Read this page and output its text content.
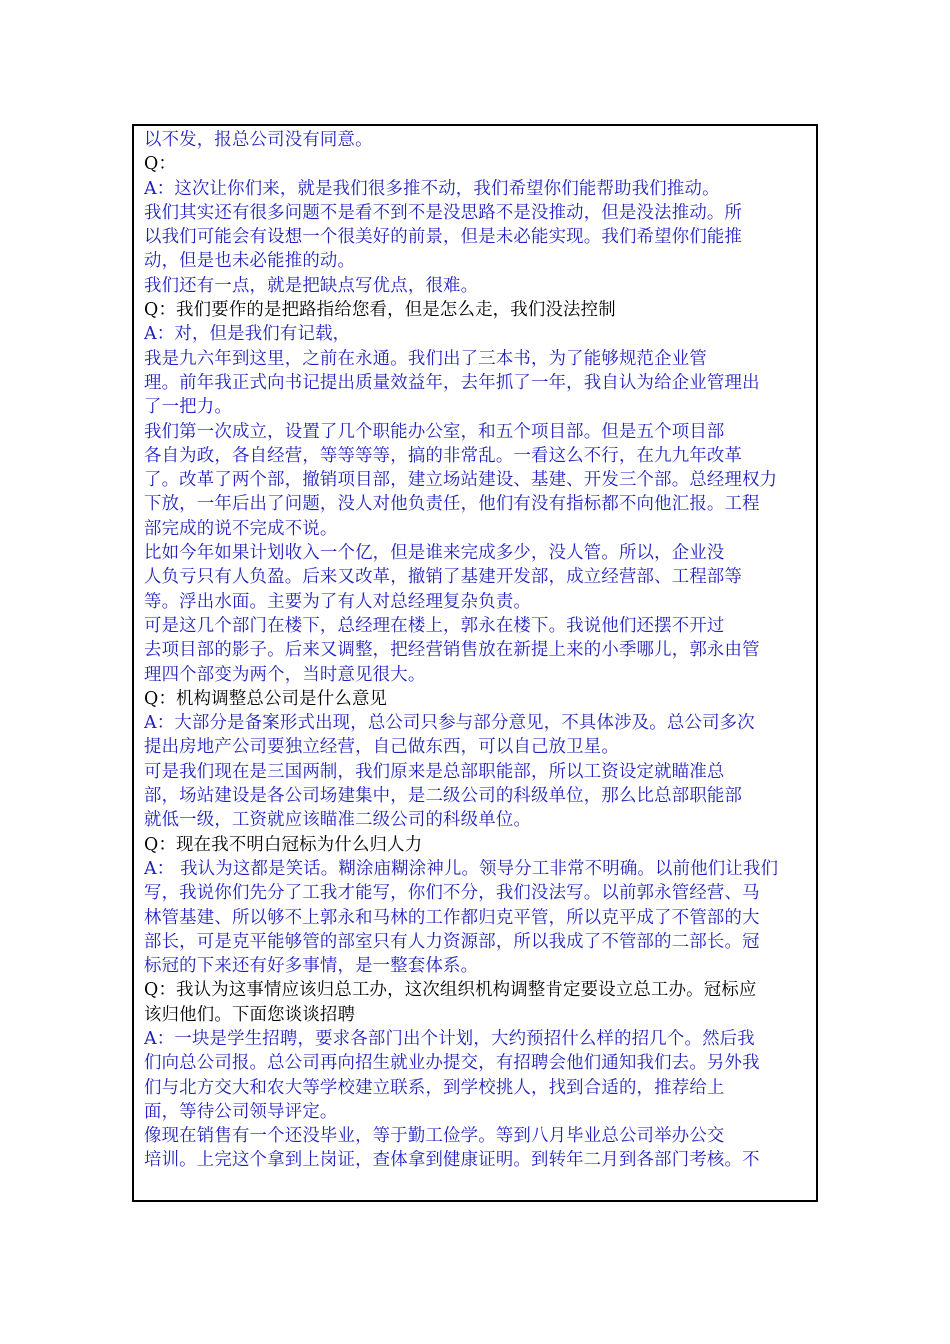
以不发，报总公司没有同意。
Q：
A：这次让你们来，就是我们很多推不动，我们希望你们能帮助我们推动。
我们其实还有很多问题不是看不到不是没思路不是没推动，但是没法推动。所
以我们可能会有设想一个很美好的前景，但是未必能实现。我们希望你们能推
动，但是也未必能推的动。
我们还有一点，就是把缺点写优点，很难。
Q：我们要作的是把路指给您看，但是怎么走，我们没法控制
A：对，但是我们有记载，
我是九六年到这里，之前在永通。我们出了三本书，为了能够规范企业管
理。前年我正式向书记提出质量效益年，去年抓了一年，我自认为给企业管理出
了一把力。
我们第一次成立，设置了几个职能办公室，和五个项目部。但是五个项目部
各自为政，各自经营，等等等等，搞的非常乱。一看这么不行，在九九年改革
了。改革了两个部，撤销项目部，建立场站建设、基建、开发三个部。总经理权力
下放，一年后出了问题，没人对他负责任，他们有没有指标都不向他汇报。工程
部完成的说不完成不说。
比如今年如果计划收入一个亿，但是谁来完成多少，没人管。所以，企业没
人负亏只有人负盈。后来又改革，撤销了基建开发部，成立经营部、工程部等
等。浮出水面。主要为了有人对总经理复杂负责。
可是这几个部门在楼下，总经理在楼上，郭永在楼下。我说他们还摆不开过
去项目部的影子。后来又调整，把经营销售放在新提上来的小季哪儿，郭永由管
理四个部变为两个，当时意见很大。
Q：机构调整总公司是什么意见
A：大部分是备案形式出现，总公司只参与部分意见，不具体涉及。总公司多次
提出房地产公司要独立经营，自己做东西，可以自己放卫星。
可是我们现在是三国两制，我们原来是总部职能部，所以工资设定就瞄准总
部，场站建设是各公司场建集中，是二级公司的科级单位，那么比总部职能部
就低一级，工资就应该瞄准二级公司的科级单位。
Q：现在我不明白冠标为什么归人力
A： 我认为这都是笑话。糊涂庙糊涂神儿。领导分工非常不明确。以前他们让我们
写，我说你们先分了工我才能写，你们不分，我们没法写。以前郭永管经营、马
林管基建、所以够不上郭永和马林的工作都归克平管，所以克平成了不管部的大
部长，可是克平能够管的部室只有人力资源部，所以我成了不管部的二部长。冠
标冠的下来还有好多事情，是一整套体系。
Q：我认为这事情应该归总工办，这次组织机构调整肯定要设立总工办。冠标应
该归他们。下面您谈谈招聘
A：一块是学生招聘，要求各部门出个计划，大约预招什么样的招几个。然后我
们向总公司报。总公司再向招生就业办提交，有招聘会他们通知我们去。另外我
们与北方交大和农大等学校建立联系，到学校挑人，找到合适的，推荐给上
面，等待公司领导评定。
像现在销售有一个还没毕业，等于勤工俭学。等到八月毕业总公司举办公交
培训。上完这个拿到上岗证，查体拿到健康证明。到转年二月到各部门考核。不
